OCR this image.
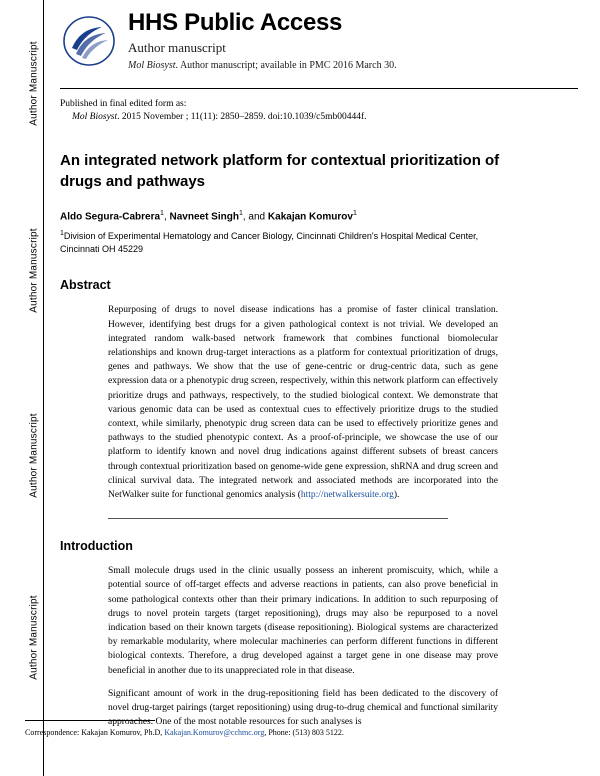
Author Manuscript
Author Manuscript
Author Manuscript
Author Manuscript
HHS Public Access
Author manuscript
Mol Biosyst. Author manuscript; available in PMC 2016 March 30.
Published in final edited form as:
Mol Biosyst. 2015 November ; 11(11): 2850–2859. doi:10.1039/c5mb00444f.
An integrated network platform for contextual prioritization of drugs and pathways
Aldo Segura-Cabrera$^1$, Navneet Singh$^1$, and Kakajan Komurov$^1$
$^1$Division of Experimental Hematology and Cancer Biology, Cincinnati Children's Hospital Medical Center, Cincinnati OH 45229
Abstract

Repurposing of drugs to novel disease indications has a promise of faster clinical translation. However, identifying best drugs for a given pathological context is not trivial. We developed an integrated random walk-based network framework that combines functional biomolecular relationships and known drug-target interactions as a platform for contextual prioritization of drugs, genes and pathways. We show that the use of gene-centric or drug-centric data, such as gene expression data or a phenotypic drug screen, respectively, within this network platform can effectively prioritize drugs and pathways, respectively, to the studied biological context. We demonstrate that various genomic data can be used as contextual cues to effectively prioritize drugs to the studied context, while similarly, phenotypic drug screen data can be used to effectively prioritize genes and pathways to the studied phenotypic context. As a proof-of-principle, we showcase the use of our platform to identify known and novel drug indications against different subsets of breast cancers through contextual prioritization based on genome-wide gene expression, shRNA and drug screen and clinical survival data. The integrated network and associated methods are incorporated into the NetWalker suite for functional genomics analysis (http://netwalkersuite.org).

Introduction

Small molecule drugs used in the clinic usually possess an inherent promiscuity, which, while a potential source of off-target effects and adverse reactions in patients, can also prove beneficial in some pathological contexts other than their primary indications. In addition to such repurposing of drugs to novel protein targets (target repositioning), drugs may also be repurposed to a novel indication based on their known targets (disease repositioning). Biological systems are characterized by remarkable modularity, where molecular machineries can perform different functions in different biological contexts. Therefore, a drug developed against a target gene in one disease may prove beneficial in another due to its unappreciated role in that disease.

Significant amount of work in the drug-repositioning field has been dedicated to the discovery of novel drug-target pairings (target repositioning) using drug-to-drug chemical and functional similarity approaches. One of the most notable resources for such analyses is

Correspondence: Kakajan Komurov, Ph.D, Kakajan.Komurov@cchmc.org, Phone: (513) 803 5122.
